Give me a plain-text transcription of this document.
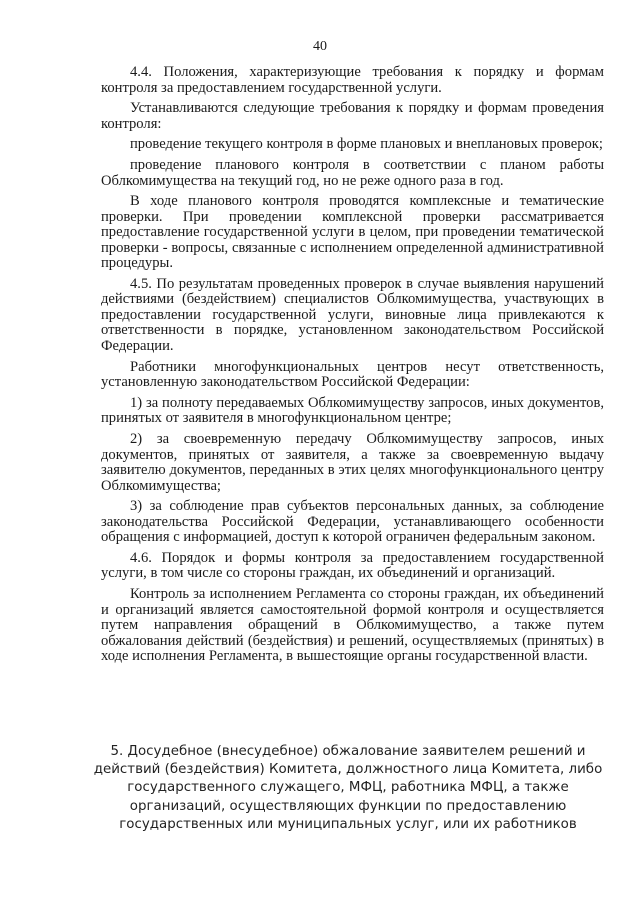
40

4.4. Положения, характеризующие требования к порядку и формам контроля за предоставлением государственной услуги.

Устанавливаются следующие требования к порядку и формам проведения контроля:

проведение текущего контроля в форме плановых и внеплановых проверок;

проведение планового контроля в соответствии с планом работы Облкомимущества на текущий год, но не реже одного раза в год.

В ходе планового контроля проводятся комплексные и тематические проверки. При проведении комплексной проверки рассматривается предоставление государственной услуги в целом, при проведении тематической проверки - вопросы, связанные с исполнением определенной административной процедуры.

4.5. По результатам проведенных проверок в случае выявления нарушений действиями (бездействием) специалистов Облкомимущества, участвующих в предоставлении государственной услуги, виновные лица привлекаются к ответственности в порядке, установленном законодательством Российской Федерации.

Работники многофункциональных центров несут ответственность, установленную законодательством Российской Федерации:

1) за полноту передаваемых Облкомимуществу запросов, иных документов, принятых от заявителя в многофункциональном центре;

2) за своевременную передачу Облкомимуществу запросов, иных документов, принятых от заявителя, а также за своевременную выдачу заявителю документов, переданных в этих целях многофункционального центру Облкомимущества;

3) за соблюдение прав субъектов персональных данных, за соблюдение законодательства Российской Федерации, устанавливающего особенности обращения с информацией, доступ к которой ограничен федеральным законом.

4.6. Порядок и формы контроля за предоставлением государственной услуги, в том числе со стороны граждан, их объединений и организаций.

Контроль за исполнением Регламента со стороны граждан, их объединений и организаций является самостоятельной формой контроля и осуществляется путем направления обращений в Облкомимущество, а также путем обжалования действий (бездействия) и решений, осуществляемых (принятых) в ходе исполнения Регламента, в вышестоящие органы государственной власти.

5. Досудебное (внесудебное) обжалование заявителем решений и действий (бездействия) Комитета, должностного лица Комитета, либо государственного служащего, МФЦ, работника МФЦ, а также организаций, осуществляющих функции по предоставлению государственных или муниципальных услуг, или их работников
